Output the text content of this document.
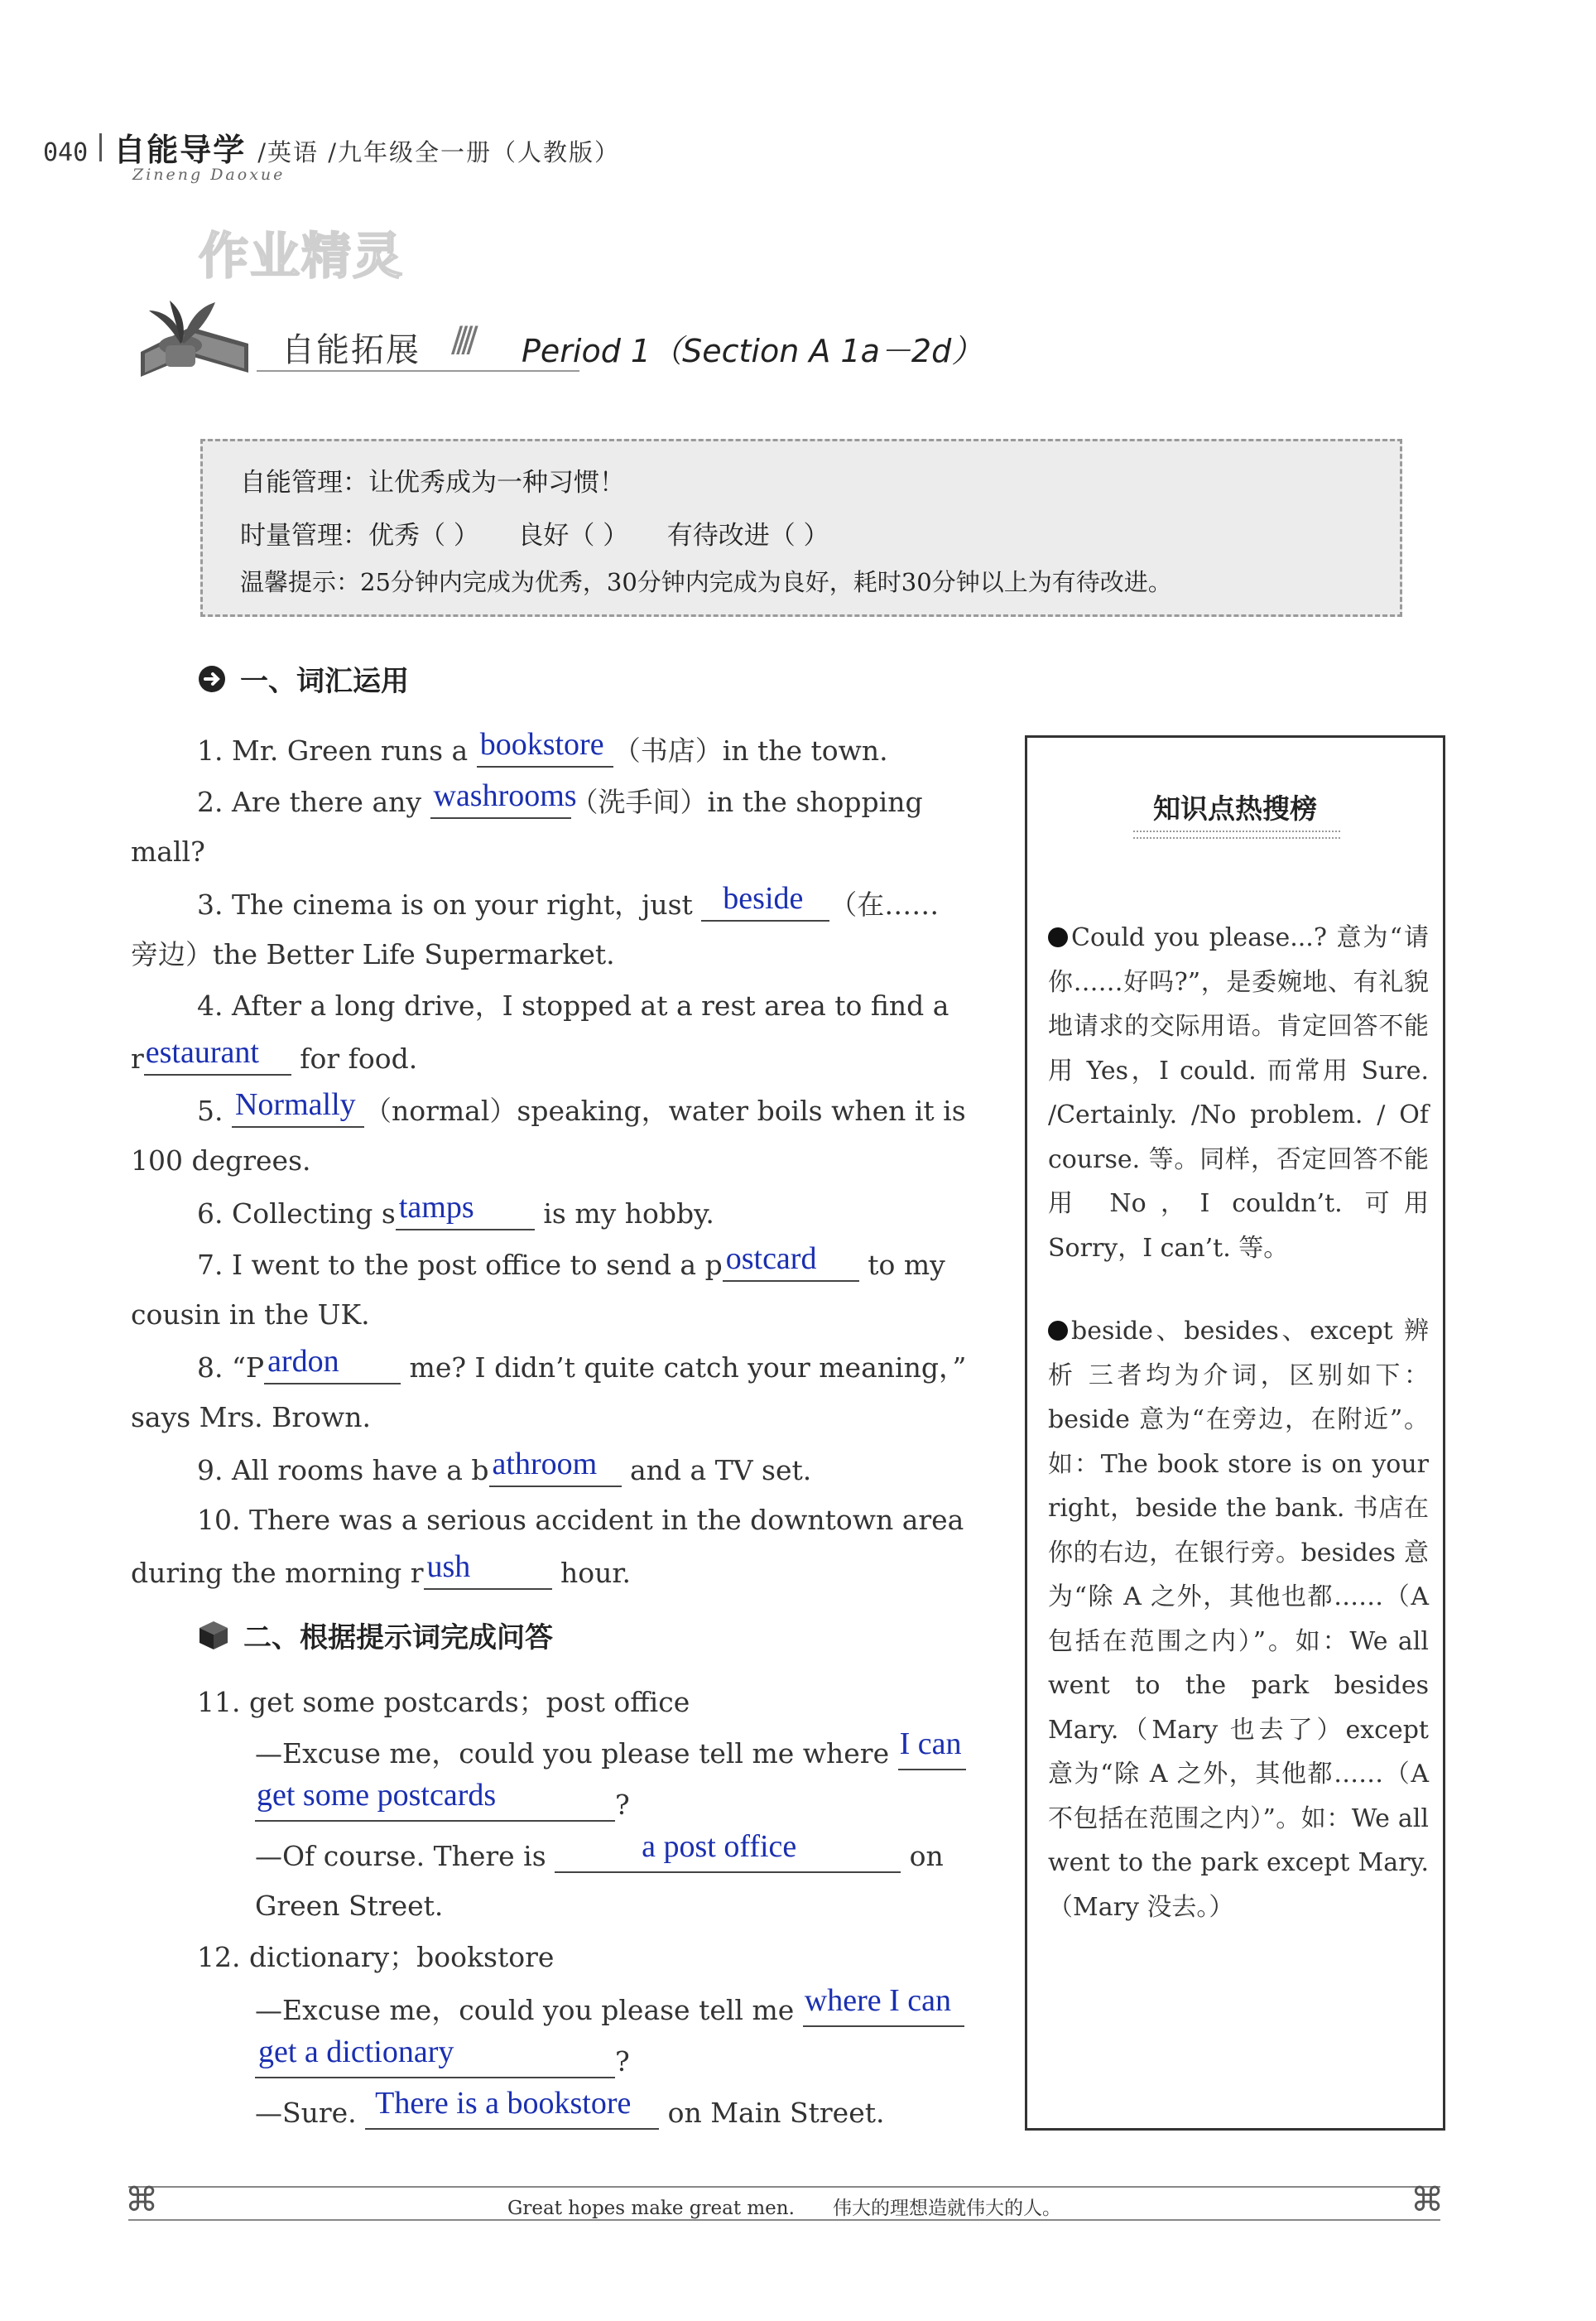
040 自能导学 /英语 /九年级全一册（人教版）
Zineng Daoxue
作业精灵
自能拓展 //// Period 1（Section A 1a－2d）
自能管理：让优秀成为一种习惯！
时量管理：优秀（ ）　　良好（ ）　　有待改进（ ）
温馨提示：25分钟内完成为优秀，30分钟内完成为良好，耗时30分钟以上为有待改进。
一、词汇运用
1. Mr. Green runs a bookstore （书店）in the town.
2. Are there any washrooms
（洗手间）in the shopping
mall?
3. The cinema is on your right，just beside （在……
旁边）the Better Life Supermarket.
4. After a long drive，I stopped at a rest area to find a
r estaurant for food.
5. Normally （normal）speaking，water boils when it is
100 degrees.
6. Collecting s tamps is my hobby.
7. I went to the post office to send a p ostcard to my
cousin in the UK.
8. “P ardon me? I didn’t quite catch your meaning，”
says Mrs. Brown.
9. All rooms have a b athroom and a TV set.
10. There was a serious accident in the downtown area
during the morning r ush	hour.
二、根据提示词完成问答
11. get some postcards；post office
—Excuse me，could you please tell me where I can
get some postcards	?
—Of course. There is	a post office	on
Green Street.
12. dictionary；bookstore
—Excuse me，could you please tell me where I can
get a dictionary	?
—Sure. There is a bookstore on Main Street.
知识点热搜榜
Could you please...? 意为“请你……好吗?”，是委婉地、有礼貌地请求的交际用语。肯定回答不能用 Yes，I could. 而常用 Sure. /Certainly. /No problem. / Of course. 等。同样，否定回答不能用 No，I couldn’t. 可用 Sorry，I can’t. 等。
beside、besides、except 辨析 三者均为介词，区别如下：beside 意为“在旁边，在附近”。如：The book store is on your right，beside the bank. 书店在你的右边，在银行旁。besides 意为“除 A 之外，其他也都……（A 包括在范围之内）”。如：We all went to the park besides Mary.（Mary 也去了）except 意为“除 A 之外，其他都……（A 不包括在范围之内）”。如：We all went to the park except Mary.（Mary 没去。）
⌘	Great hopes make great men.　　 伟大的理想造就伟大的人。	⌘
